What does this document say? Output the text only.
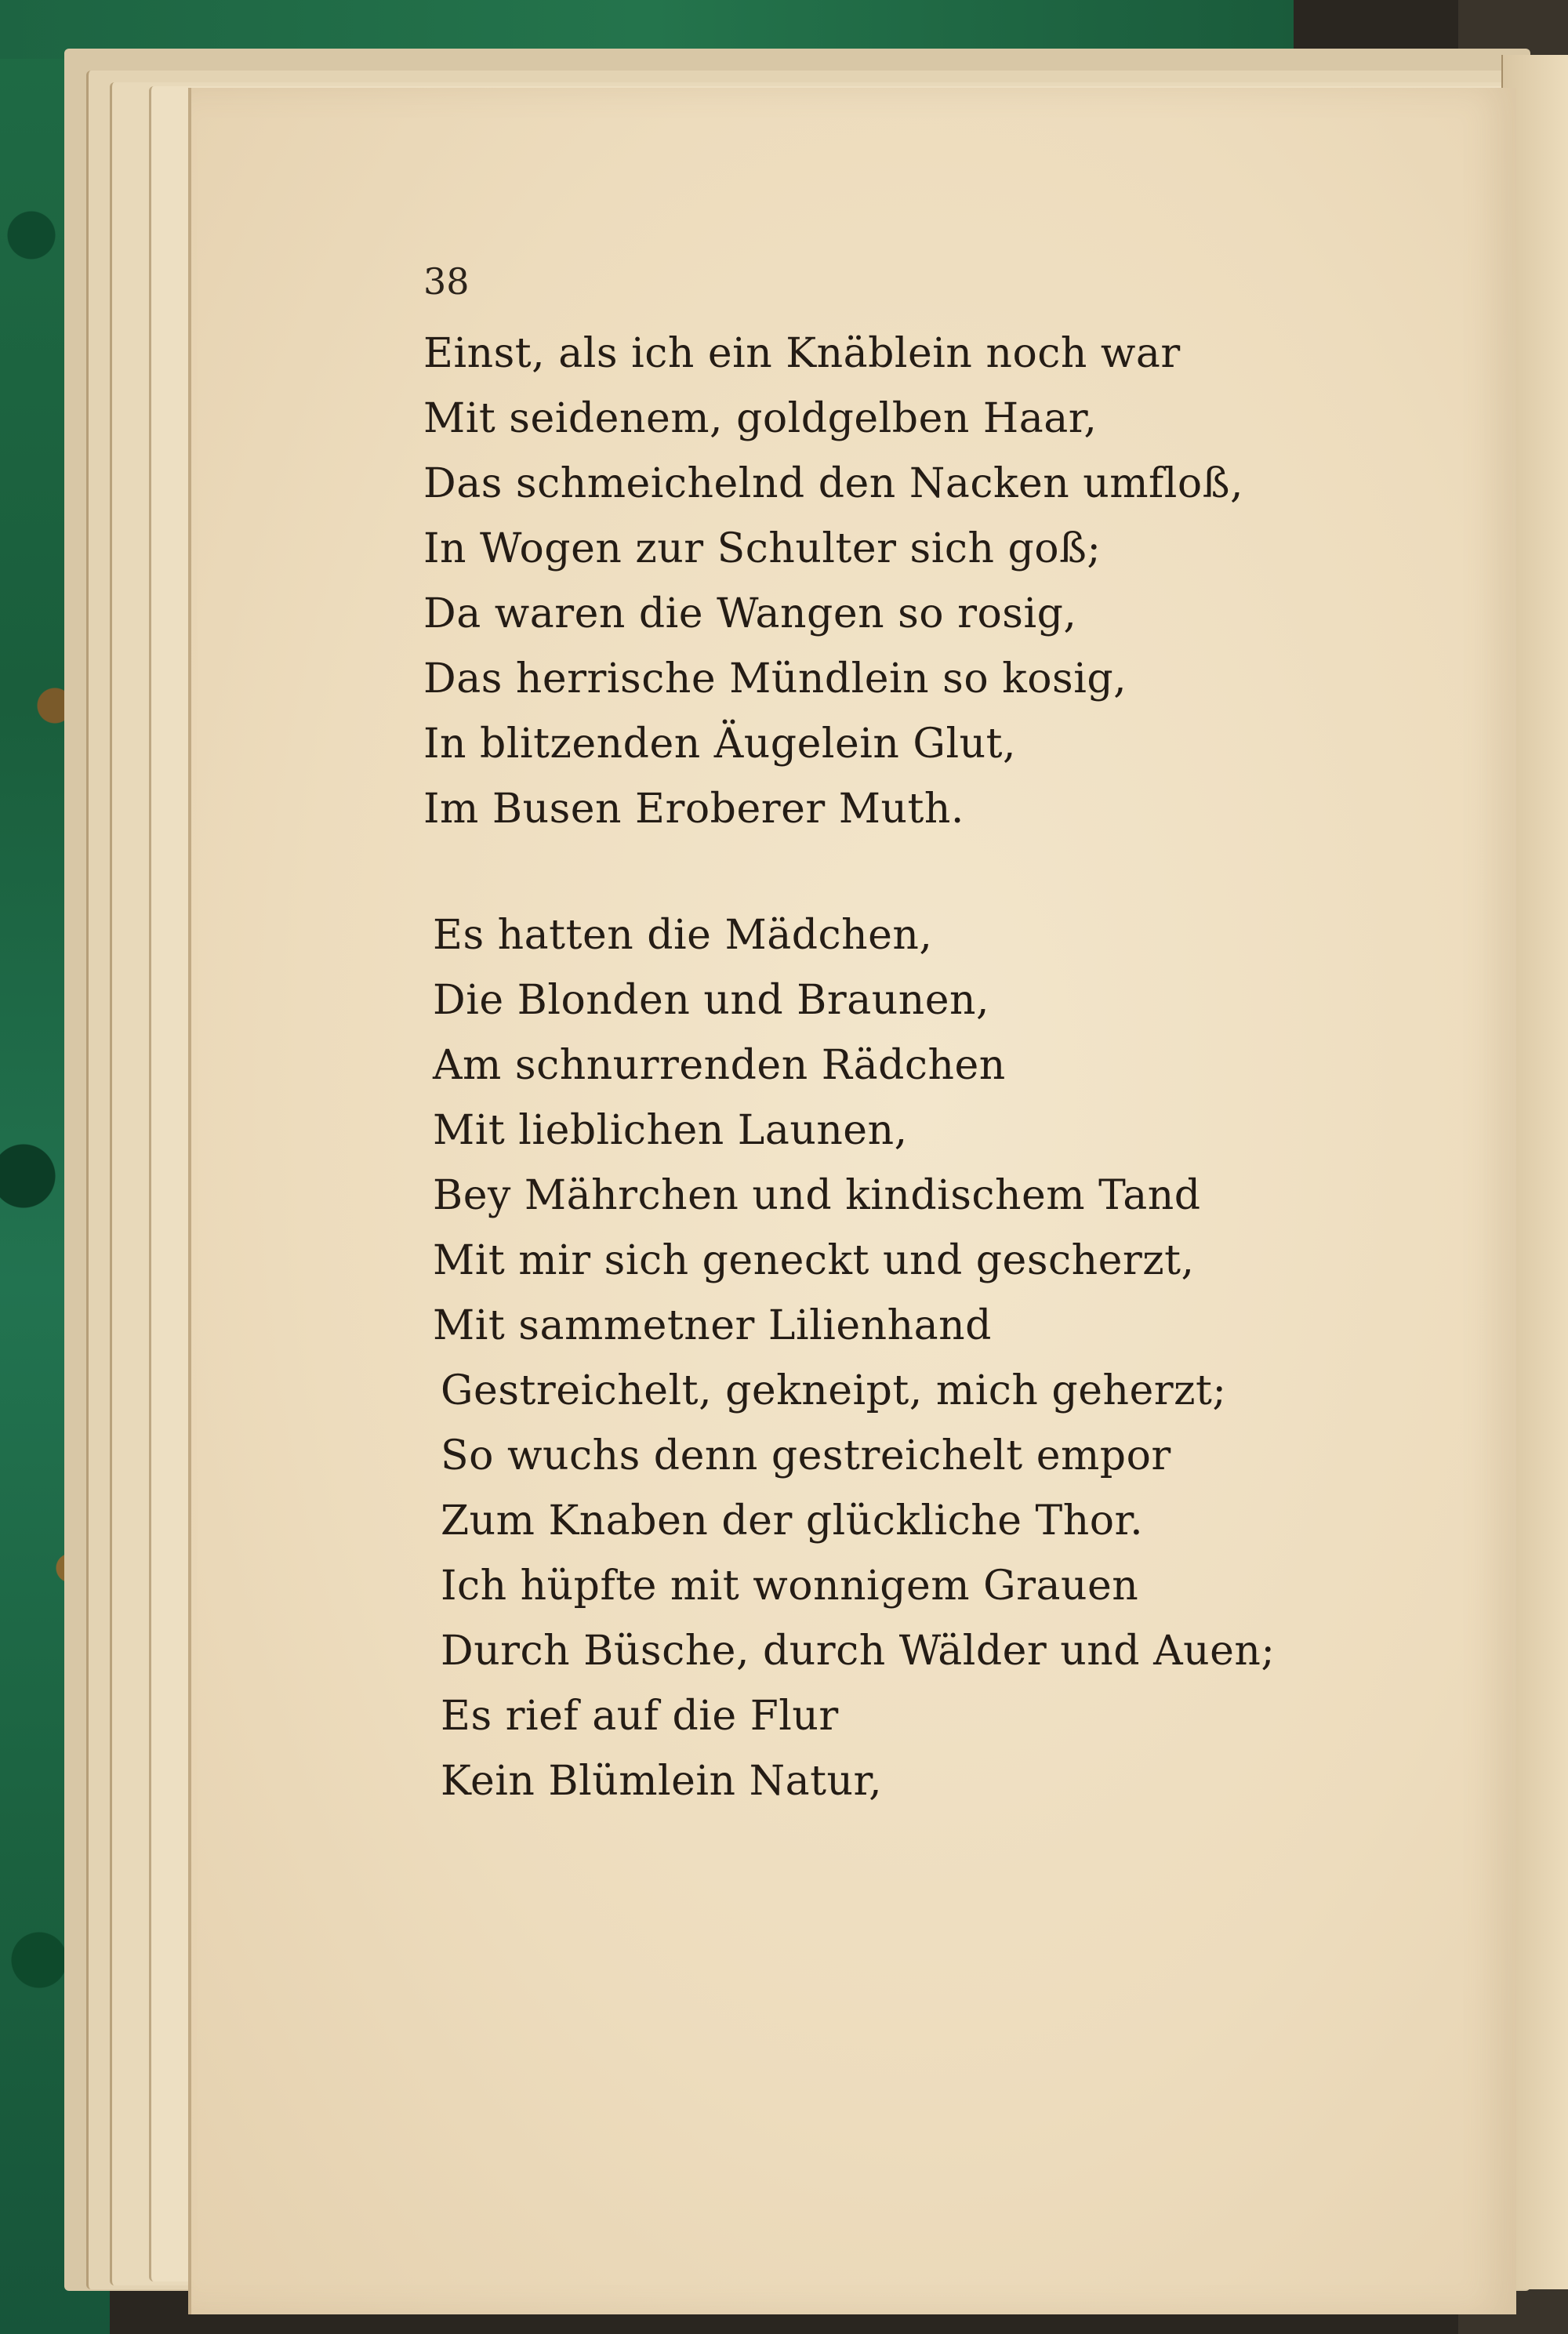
38
Einst, als ich ein Knäblein noch war
Mit seidenem, goldgelben Haar,
Das schmeichelnd den Nacken umfloß,
In Wogen zur Schulter sich goß;
Da waren die Wangen so rosig,
Das herrische Mündlein so kosig,
In blitzenden Äugelein Glut,
Im Busen Eroberer Muth.
Es hatten die Mädchen,
Die Blonden und Braunen,
Am schnurrenden Rädchen
Mit lieblichen Launen,
Bey Mährchen und kindischem Tand
Mit mir sich geneckt und gescherzt,
Mit sammetner Lilienhand
Gestreichelt, gekneipt, mich geherzt;
So wuchs denn gestreichelt empor
Zum Knaben der glückliche Thor.
Ich hüpfte mit wonnigem Grauen
Durch Büsche, durch Wälder und Auen;
Es rief auf die Flur
Kein Blümlein Natur,
